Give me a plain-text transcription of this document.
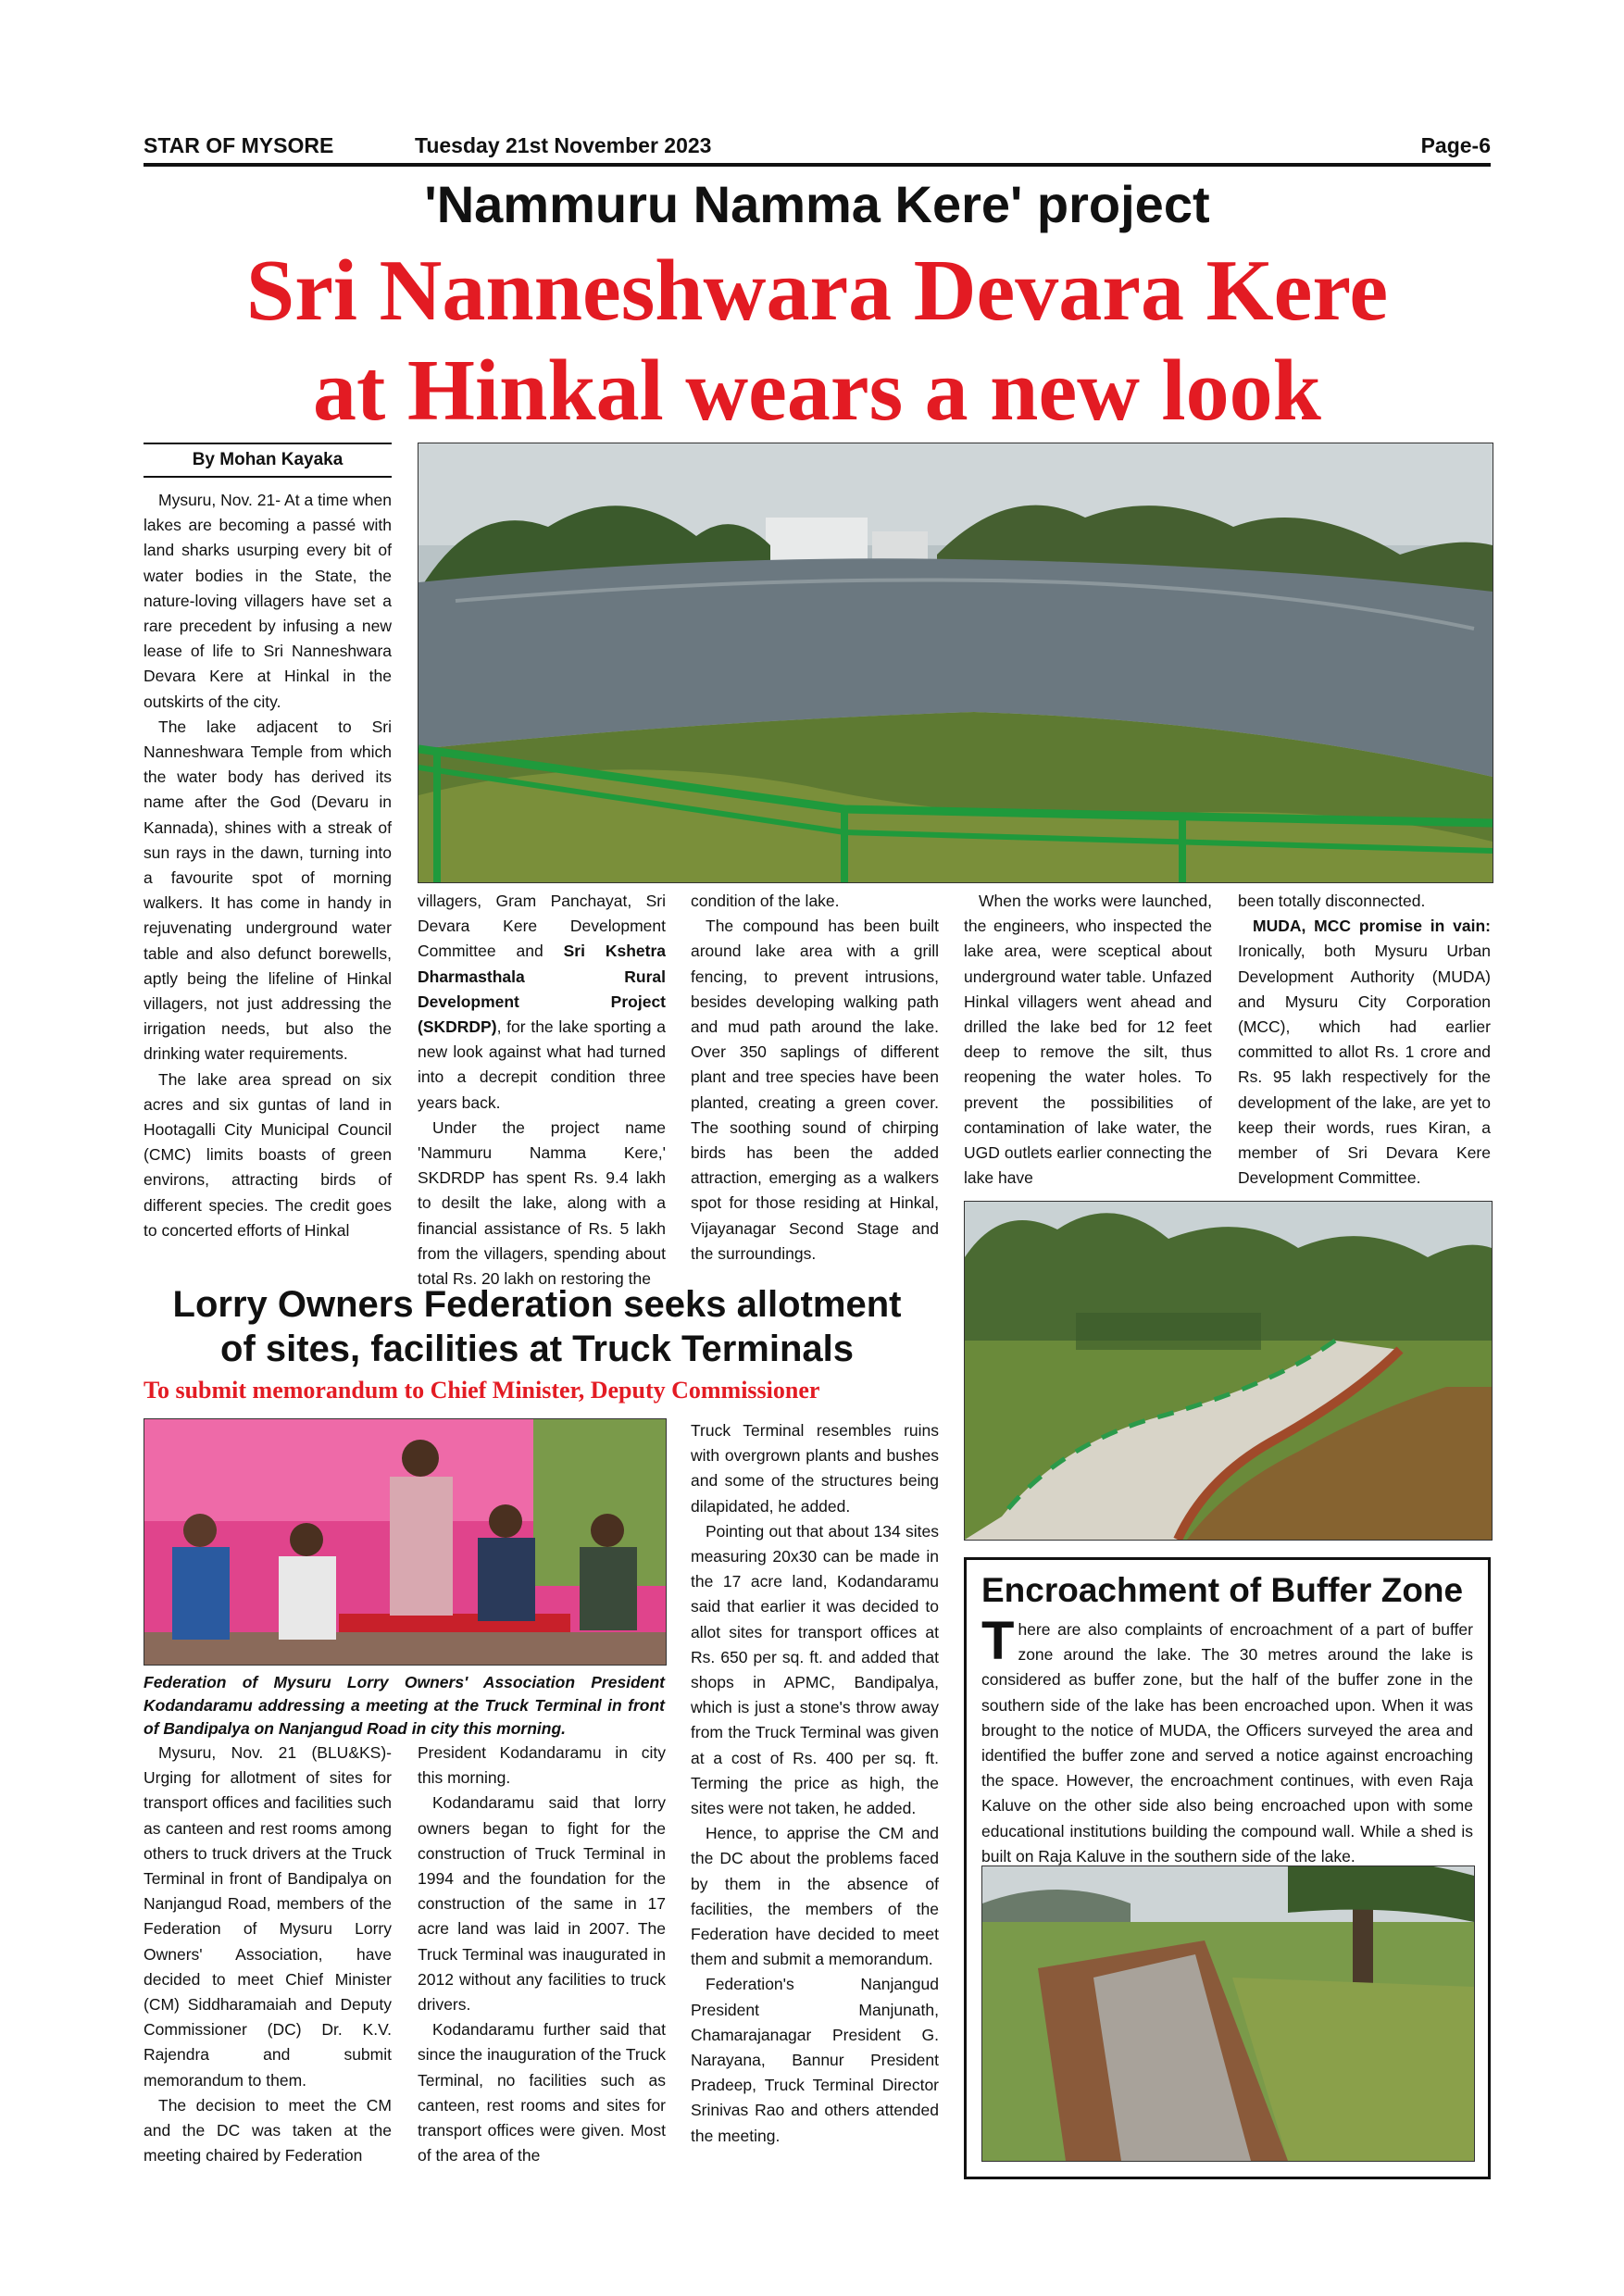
STAR OF MYSORE	Tuesday 21st November 2023	Page-6
'Nammuru Namma Kere' project
Sri Nanneshwara Devara Kere
at Hinkal wears a new look
By Mohan Kayaka

Mysuru, Nov. 21- At a time when lakes are becoming a passé with land sharks usurping every bit of water bodies in the State, the nature-loving villagers have set a rare precedent by infusing a new lease of life to Sri Nanneshwara Devara Kere at Hinkal in the outskirts of the city.

The lake adjacent to Sri Nanneshwara Temple from which the water body has derived its name after the God (Devaru in Kannada), shines with a streak of sun rays in the dawn, turning into a favourite spot of morning walkers. It has come in handy in rejuvenating underground water table and also defunct borewells, aptly being the lifeline of Hinkal villagers, not just addressing the irrigation needs, but also the drinking water requirements.

The lake area spread on six acres and six guntas of land in Hootagalli City Municipal Council (CMC) limits boasts of green environs, attracting birds of different species. The credit goes to concerted efforts of Hinkal

villagers, Gram Panchayat, Sri Devara Kere Development Committee and Sri Kshetra Dharmasthala Rural Development Project (SKDRDP), for the lake sporting a new look against what had turned into a decrepit condition three years back.

Under the project name 'Nammuru Namma Kere,' SKDRDP has spent Rs. 9.4 lakh to desilt the lake, along with a financial assistance of Rs. 5 lakh from the villagers, spending about total Rs. 20 lakh on restoring the

condition of the lake.

The compound has been built around lake area with a grill fencing, to prevent intrusions, besides developing walking path and mud path around the lake. Over 350 saplings of different plant and tree species have been planted, creating a green cover. The soothing sound of chirping birds has been the added attraction, emerging as a walkers spot for those residing at Hinkal, Vijayanagar Second Stage and the surroundings.

When the works were launched, the engineers, who inspected the lake area, were sceptical about underground water table. Unfazed Hinkal villagers went ahead and drilled the lake bed for 12 feet deep to remove the silt, thus reopening the water holes. To prevent the possibilities of contamination of lake water, the UGD outlets earlier connecting the lake have

been totally disconnected.

MUDA, MCC promise in vain: Ironically, both Mysuru Urban Development Authority (MUDA) and Mysuru City Corporation (MCC), which had earlier committed to allot Rs. 1 crore and Rs. 95 lakh respectively for the development of the lake, are yet to keep their words, rues Kiran, a member of Sri Devara Kere Development Committee.

Lorry Owners Federation seeks allotment
of sites, facilities at Truck Terminals
To submit memorandum to Chief Minister, Deputy Commissioner
Federation of Mysuru Lorry Owners' Association President Kodandaramu addressing a meeting at the Truck Terminal in front of Bandipalya on Nanjangud Road in city this morning.

Mysuru, Nov. 21 (BLU&KS)- Urging for allotment of sites for transport offices and facilities such as canteen and rest rooms among others to truck drivers at the Truck Terminal in front of Bandipalya on Nanjangud Road, members of the Federation of Mysuru Lorry Owners' Association, have decided to meet Chief Minister (CM) Siddharamaiah and Deputy Commissioner (DC) Dr. K.V. Rajendra and submit memorandum to them.

The decision to meet the CM and the DC was taken at the meeting chaired by Federation

President Kodandaramu in city this morning.

Kodandaramu said that lorry owners began to fight for the construction of Truck Terminal in 1994 and the foundation for the construction of the same in 17 acre land was laid in 2007. The Truck Terminal was inaugurated in 2012 without any facilities to truck drivers.

Kodandaramu further said that since the inauguration of the Truck Terminal, no facilities such as canteen, rest rooms and sites for transport offices were given. Most of the area of the

Truck Terminal resembles ruins with overgrown plants and bushes and some of the structures being dilapidated, he added.

Pointing out that about 134 sites measuring 20x30 can be made in the 17 acre land, Kodandaramu said that earlier it was decided to allot sites for transport offices at Rs. 650 per sq. ft. and added that shops in APMC, Bandipalya, which is just a stone's throw away from the Truck Terminal was given at a cost of Rs. 400 per sq. ft. Terming the price as high, the sites were not taken, he added.

Hence, to apprise the CM and the DC about the problems faced by them in the absence of facilities, the members of the Federation have decided to meet them and submit a memorandum.

Federation's Nanjangud President Manjunath, Chamarajanagar President G. Narayana, Bannur President Pradeep, Truck Terminal Director Srinivas Rao and others attended the meeting.

Encroachment of Buffer Zone
There are also complaints of encroachment of a part of buffer zone around the lake. The 30 metres around the lake is considered as buffer zone, but the half of the buffer zone in the southern side of the lake has been encroached upon. When it was brought to the notice of MUDA, the Officers surveyed the area and identified the buffer zone and served a notice against encroaching the space. However, the encroachment continues, with even Raja Kaluve on the other side also being encroached upon with some educational institutions building the compound wall. While a shed is built on Raja Kaluve in the southern side of the lake.
